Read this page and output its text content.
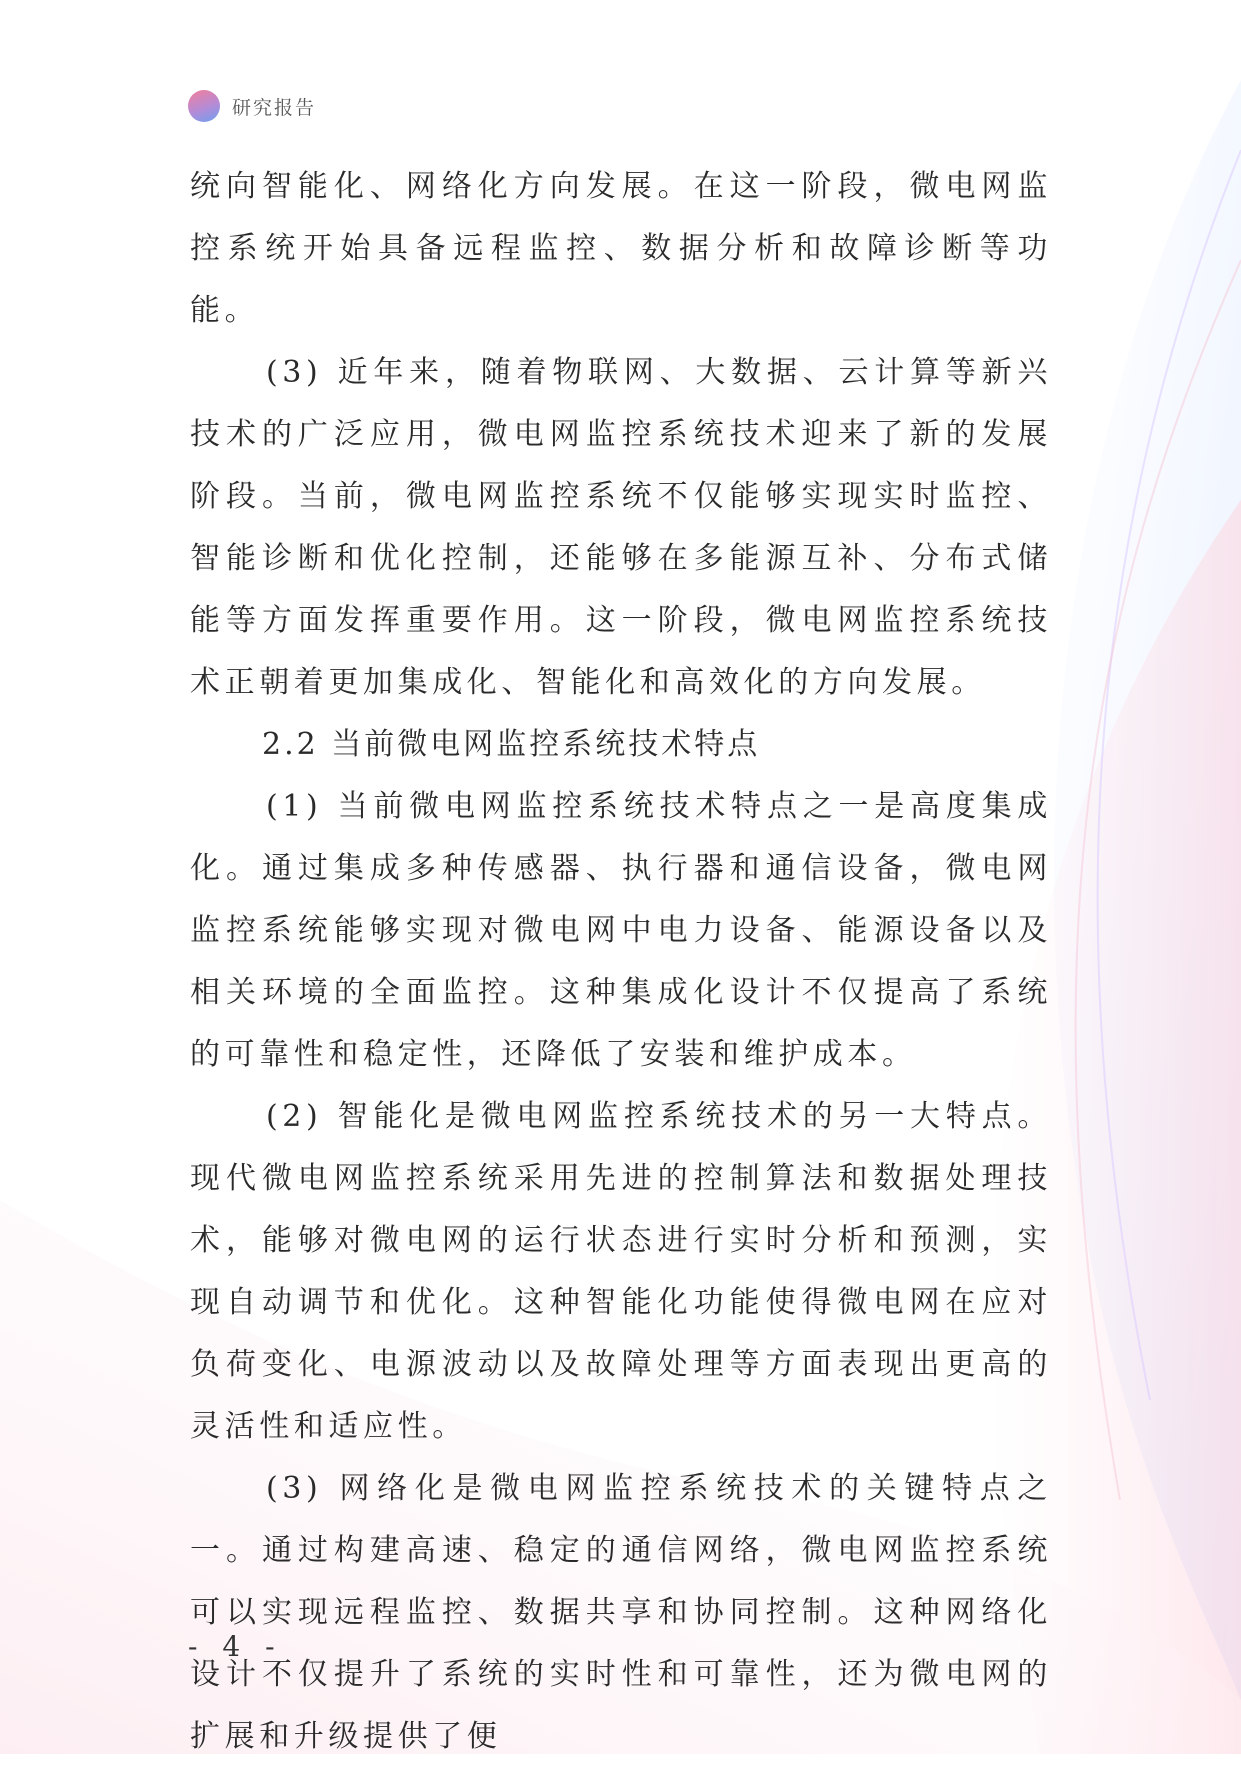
研究报告

统向智能化、网络化方向发展。在这一阶段，微电网监控系统开始具备远程监控、数据分析和故障诊断等功能。

(3) 近年来，随着物联网、大数据、云计算等新兴技术的广泛应用，微电网监控系统技术迎来了新的发展阶段。当前，微电网监控系统不仅能够实现实时监控、智能诊断和优化控制，还能够在多能源互补、分布式储能等方面发挥重要作用。这一阶段，微电网监控系统技术正朝着更加集成化、智能化和高效化的方向发展。

2.2 当前微电网监控系统技术特点

(1) 当前微电网监控系统技术特点之一是高度集成化。通过集成多种传感器、执行器和通信设备，微电网监控系统能够实现对微电网中电力设备、能源设备以及相关环境的全面监控。这种集成化设计不仅提高了系统的可靠性和稳定性，还降低了安装和维护成本。

(2) 智能化是微电网监控系统技术的另一大特点。现代微电网监控系统采用先进的控制算法和数据处理技术，能够对微电网的运行状态进行实时分析和预测，实现自动调节和优化。这种智能化功能使得微电网在应对负荷变化、电源波动以及故障处理等方面表现出更高的灵活性和适应性。

(3) 网络化是微电网监控系统技术的关键特点之一。通过构建高速、稳定的通信网络，微电网监控系统可以实现远程监控、数据共享和协同控制。这种网络化设计不仅提升了系统的实时性和可靠性，还为微电网的扩展和升级提供了便

- 4 -
